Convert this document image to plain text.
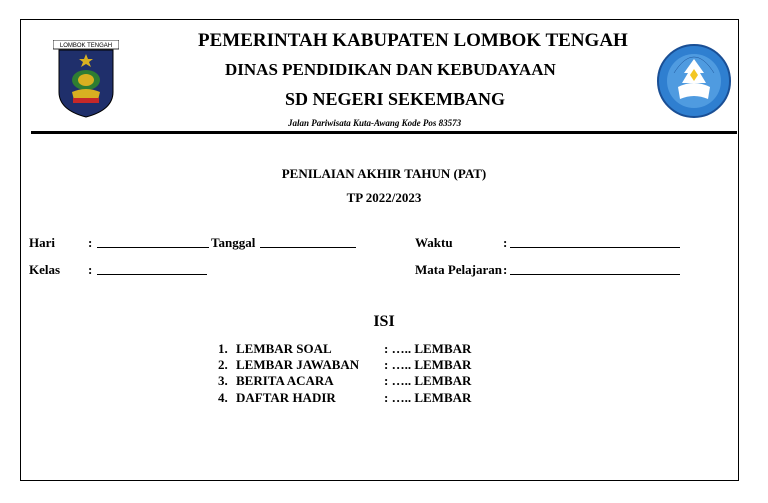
LOMBOK TENGAH	PEMERINTAH KABUPATEN LOMBOK TENGAH
DINAS PENDIDIKAN DAN KEBUDAYAAN
SD NEGERI SEKEMBANG
Jalan Pariwisata Kuta-Awang Kode Pos 83573
PENILAIAN AKHIR TAHUN (PAT)
TP 2022/2023
Hari	:	Tanggal	Waktu	:
Kelas :	Mata Pelajaran :
ISI
1. LEMBAR SOAL	: ….. LEMBAR
2. LEMBAR JAWABAN : ….. LEMBAR
3. BERITA ACARA	: ….. LEMBAR
4. DAFTAR HADIR	: ….. LEMBAR
